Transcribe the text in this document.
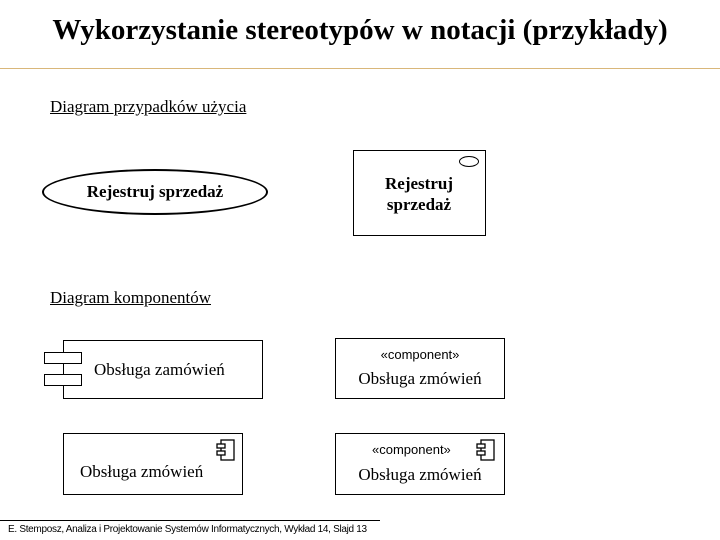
Wykorzystanie stereotypów w notacji (przykłady)
Diagram przypadków użycia
Rejestruj sprzedaż	Rejestruj
sprzedaż
Diagram komponentów
Obsługa zamówień
«component»
Obsługa zmówień
Obsługa zmówień
«component»
Obsługa zmówień
E. Stemposz, Analiza i Projektowanie Systemów Informatycznych, Wykład 14, Slajd 13
